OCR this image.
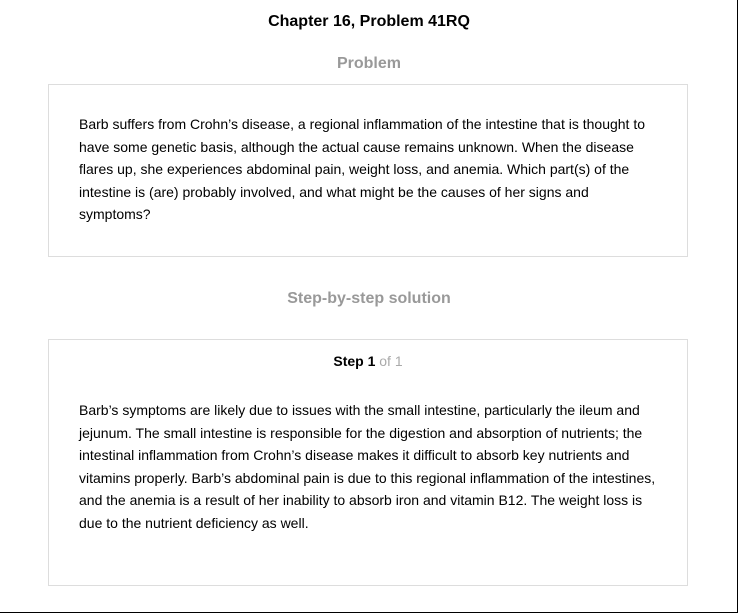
Chapter 16, Problem 41RQ
Problem

Barb suffers from Crohn’s disease, a regional inflammation of the intestine that is thought to have some genetic basis, although the actual cause remains unknown. When the disease flares up, she experiences abdominal pain, weight loss, and anemia. Which part(s) of the intestine is (are) probably involved, and what might be the causes of her signs and symptoms?

Step-by-step solution
Step 1 of 1

Barb’s symptoms are likely due to issues with the small intestine, particularly the ileum and jejunum. The small intestine is responsible for the digestion and absorption of nutrients; the intestinal inflammation from Crohn’s disease makes it difficult to absorb key nutrients and vitamins properly. Barb’s abdominal pain is due to this regional inflammation of the intestines, and the anemia is a result of her inability to absorb iron and vitamin B12. The weight loss is due to the nutrient deficiency as well.
